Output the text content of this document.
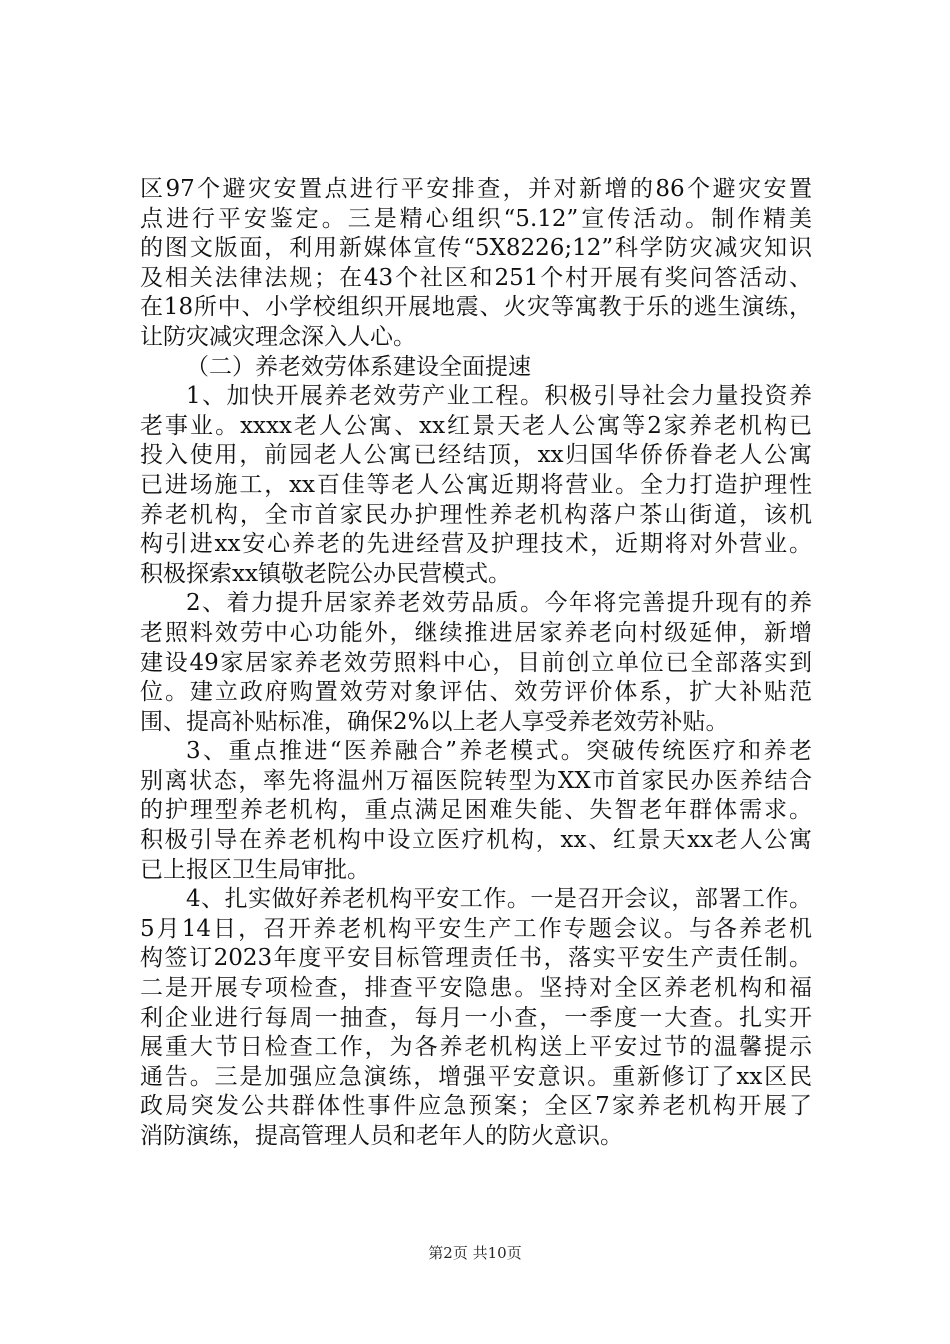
区97个避灾安置点进行平安排查，并对新增的86个避灾安置
点进行平安鉴定。三是精心组织“5.12”宣传活动。制作精美
的图文版面，利用新媒体宣传“5X8226;12”科学防灾减灾知识
及相关法律法规；在43个社区和251个村开展有奖问答活动、
在18所中、小学校组织开展地震、火灾等寓教于乐的逃生演练，
让防灾减灾理念深入人心。
（二）养老效劳体系建设全面提速
1、加快开展养老效劳产业工程。积极引导社会力量投资养
老事业。xxxx老人公寓、xx红景天老人公寓等2家养老机构已
投入使用，前园老人公寓已经结顶，xx归国华侨侨眷老人公寓
已进场施工，xx百佳等老人公寓近期将营业。全力打造护理性
养老机构，全市首家民办护理性养老机构落户茶山街道，该机
构引进xx安心养老的先进经营及护理技术，近期将对外营业。
积极探索xx镇敬老院公办民营模式。
2、着力提升居家养老效劳品质。今年将完善提升现有的养
老照料效劳中心功能外，继续推进居家养老向村级延伸，新增
建设49家居家养老效劳照料中心，目前创立单位已全部落实到
位。建立政府购置效劳对象评估、效劳评价体系，扩大补贴范
围、提高补贴标准，确保2%以上老人享受养老效劳补贴。
3、重点推进“医养融合”养老模式。突破传统医疗和养老
别离状态，率先将温州万福医院转型为XX市首家民办医养结合
的护理型养老机构，重点满足困难失能、失智老年群体需求。
积极引导在养老机构中设立医疗机构，xx、红景天xx老人公寓
已上报区卫生局审批。
4、扎实做好养老机构平安工作。一是召开会议，部署工作。
5月14日，召开养老机构平安生产工作专题会议。与各养老机
构签订2023年度平安目标管理责任书，落实平安生产责任制。
二是开展专项检查，排查平安隐患。坚持对全区养老机构和福
利企业进行每周一抽查，每月一小查，一季度一大查。扎实开
展重大节日检查工作，为各养老机构送上平安过节的温馨提示
通告。三是加强应急演练，增强平安意识。重新修订了xx区民
政局突发公共群体性事件应急预案；全区7家养老机构开展了
消防演练，提高管理人员和老年人的防火意识。
第2页 共10页
